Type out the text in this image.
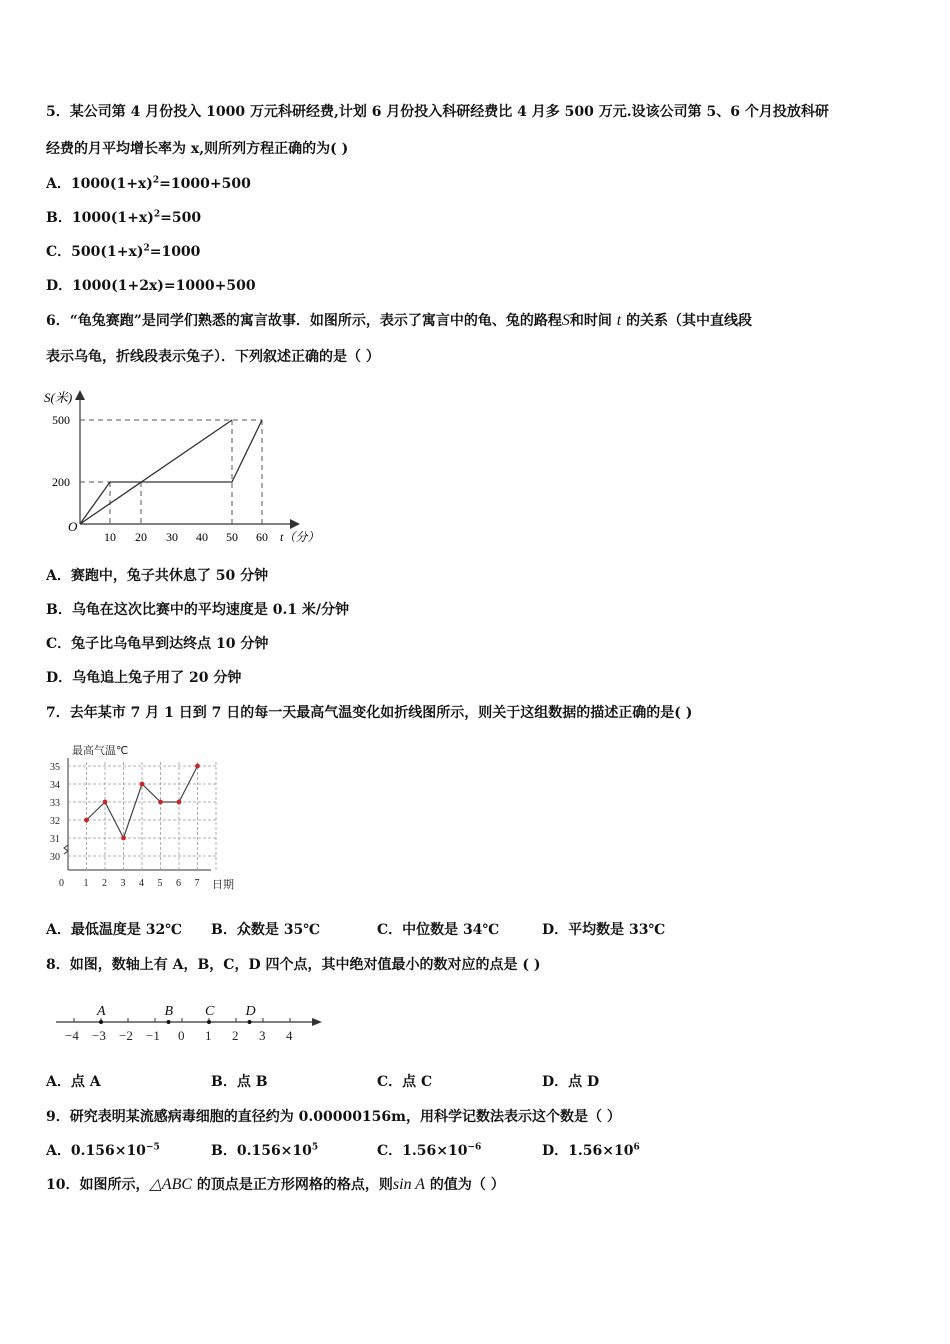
5．某公司第 4 月份投入 1000 万元科研经费,计划 6 月份投入科研经费比 4 月多 500 万元.设该公司第 5、6 个月投放科研
经费的月平均增长率为 x,则所列方程正确的为( )
A．$1000(1+x)^2=1000+500$
B．$1000(1+x)^2=500$
C．$500(1+x)^2=1000$
D．1000(1+2x)=1000+500
6．“龟兔赛跑”是同学们熟悉的寓言故事．如图所示，表示了寓言中的龟、兔的路程S和时间 t 的关系（其中直线段
表示乌龟，折线段表示兔子）．下列叙述正确的是（ ）
S(米)
O
500
200
10 20 30 40 50 60 t（分）
A．赛跑中，兔子共休息了 50 分钟
B．乌龟在这次比赛中的平均速度是 0.1 米/分钟
C．兔子比乌龟早到达终点 10 分钟
D．乌龟追上兔子用了 20 分钟
7．去年某市 7 月 1 日到 7 日的每一天最高气温变化如折线图所示，则关于这组数据的描述正确的是( )
最高气温℃
日期
35
34
33
32
31
30
0 1 2 3 4 5 6 7
A．最低温度是 32℃ B．众数是 35℃	C．中位数是 34℃	D．平均数是 33℃
8．如图，数轴上有 A，B，C，D 四个点，其中绝对值最小的数对应的点是 ( )
−4 −3 −2 −1 0 1 2 3 4
A	B C D
A．点 A	B．点 B	C．点 C	D．点 D
9．研究表明某流感病毒细胞的直径约为 0.00000156m，用科学记数法表示这个数是（ ）
A．$0.156\times 10^{-5}$	B．$0.156\times 10^5$	C．$1.56\times 10^{-6}$	D．$1.56\times 10^6$
10．如图所示，△ABC 的顶点是正方形网格的格点，则sin A 的值为（ ）
